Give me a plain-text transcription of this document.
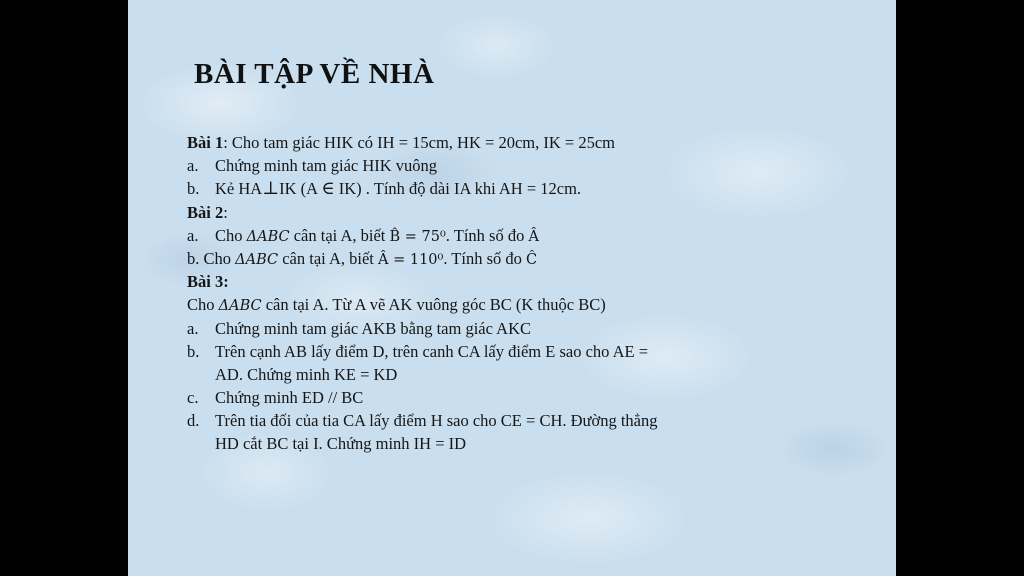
BÀI TẬP VỀ NHÀ
Bài 1: Cho tam giác HIK có IH = 15cm, HK = 20cm, IK = 25cm
a. Chứng minh tam giác HIK vuông
b. Kẻ HA⊥IK (A ∈ IK) . Tính độ dài IA khi AH = 12cm.
Bài 2:
a. Cho ΔABC cân tại A, biết B̂ = 75⁰. Tính số đo Â
b. Cho ΔABC cân tại A, biết Â = 110⁰. Tính số đo Ĉ
Bài 3:
Cho ΔABC cân tại A. Từ A vẽ AK vuông góc BC (K thuộc BC)
a. Chứng minh tam giác AKB bằng tam giác AKC
b. Trên cạnh AB lấy điểm D, trên canh CA lấy điểm E sao cho AE =
AD. Chứng minh KE = KD
c. Chứng minh ED // BC
d. Trên tia đối của tia CA lấy điểm H sao cho CE = CH. Đường thẳng
HD cắt BC tại I. Chứng minh IH = ID
